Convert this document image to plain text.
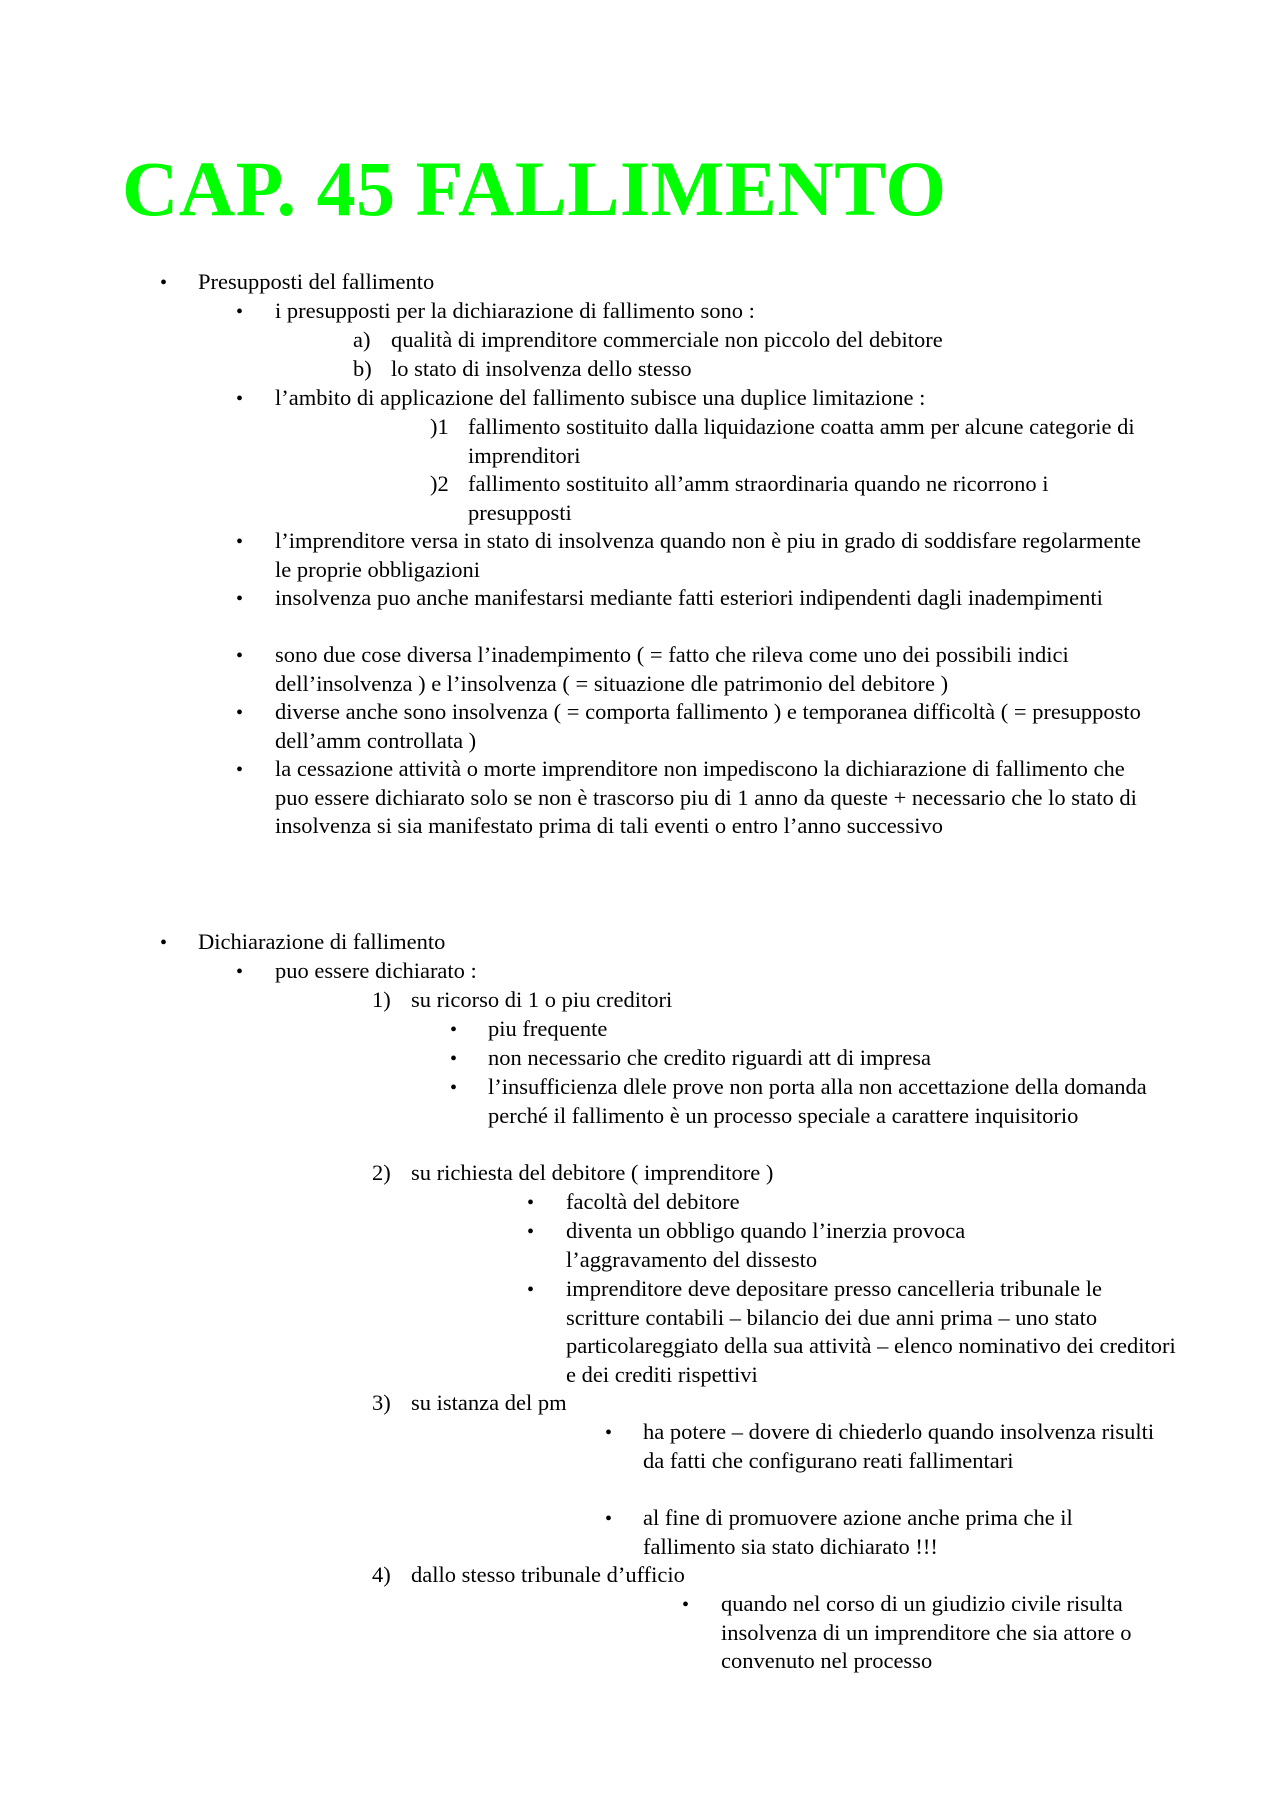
CAP. 45 FALLIMENTO
• Presupposti del fallimento
• i presupposti per la dichiarazione di fallimento sono :
a) qualità di imprenditore commerciale non piccolo del debitore
b) lo stato di insolvenza dello stesso
• l’ambito di applicazione del fallimento subisce una duplice limitazione :
)1 fallimento sostituito dalla liquidazione coatta amm per alcune categorie di imprenditori
)2 fallimento sostituito all’amm straordinaria quando ne ricorrono i presupposti
• l’imprenditore versa in stato di insolvenza quando non è piu in grado di soddisfare regolarmente le proprie obbligazioni
• insolvenza puo anche manifestarsi mediante fatti esteriori indipendenti dagli inadempimenti
• sono due cose diversa l’inadempimento ( = fatto che rileva come uno dei possibili indici dell’insolvenza ) e l’insolvenza ( = situazione dle patrimonio del debitore )
• diverse anche sono insolvenza ( = comporta fallimento ) e temporanea difficoltà ( = presupposto dell’amm controllata )
• la cessazione attività o morte imprenditore non impediscono la dichiarazione di fallimento che puo essere dichiarato solo se non è trascorso piu di 1 anno da queste + necessario che lo stato di insolvenza si sia manifestato prima di tali eventi o entro l’anno successivo
• Dichiarazione di fallimento
• puo essere dichiarato :
1) su ricorso di 1 o piu creditori
• piu frequente
• non necessario che credito riguardi att di impresa
• l’insufficienza dlele prove non porta alla non accettazione della domanda perché il fallimento è un processo speciale a carattere inquisitorio
2) su richiesta del debitore ( imprenditore )
• facoltà del debitore
• diventa un obbligo quando l’inerzia provoca l’aggravamento del dissesto
• imprenditore deve depositare presso cancelleria tribunale le scritture contabili – bilancio dei due anni prima – uno stato particolareggiato della sua attività – elenco nominativo dei creditori e dei crediti rispettivi
3) su istanza del pm
• ha potere – dovere di chiederlo quando insolvenza risulti da fatti che configurano reati fallimentari
• al fine di promuovere azione anche prima che il fallimento sia stato dichiarato !!!
4) dallo stesso tribunale d’ufficio
• quando nel corso di un giudizio civile risulta insolvenza di un imprenditore che sia attore o convenuto nel processo
